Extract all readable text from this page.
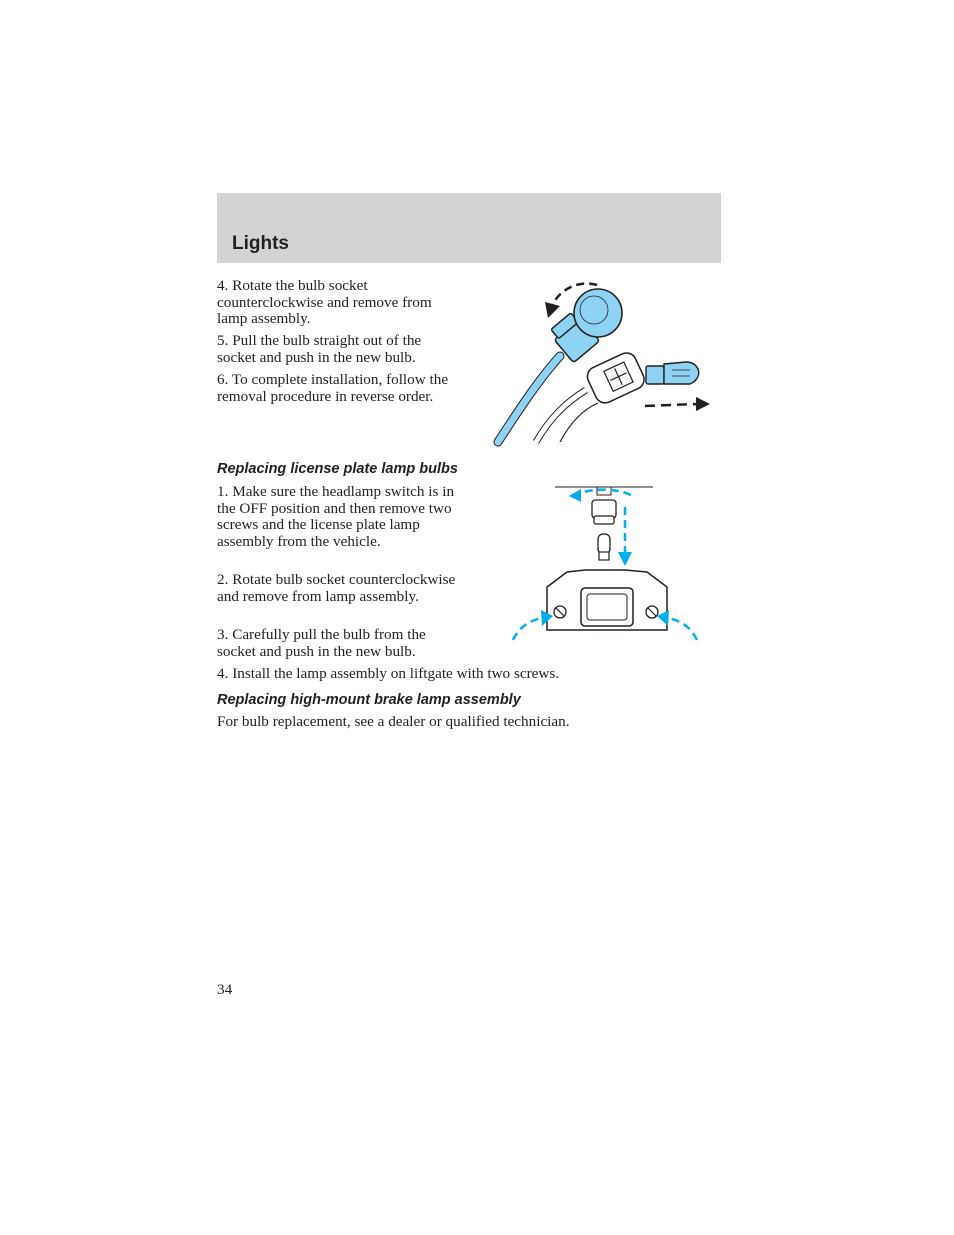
Lights

4. Rotate the bulb socket counterclockwise and remove from lamp assembly.

5. Pull the bulb straight out of the socket and push in the new bulb.

6. To complete installation, follow the removal procedure in reverse order.

Replacing license plate lamp bulbs

1. Make sure the headlamp switch is in the OFF position and then remove two screws and the license plate lamp assembly from the vehicle.

2. Rotate bulb socket counterclockwise and remove from lamp assembly.

3. Carefully pull the bulb from the socket and push in the new bulb.

4. Install the lamp assembly on liftgate with two screws.

Replacing high-mount brake lamp assembly

For bulb replacement, see a dealer or qualified technician.

34
